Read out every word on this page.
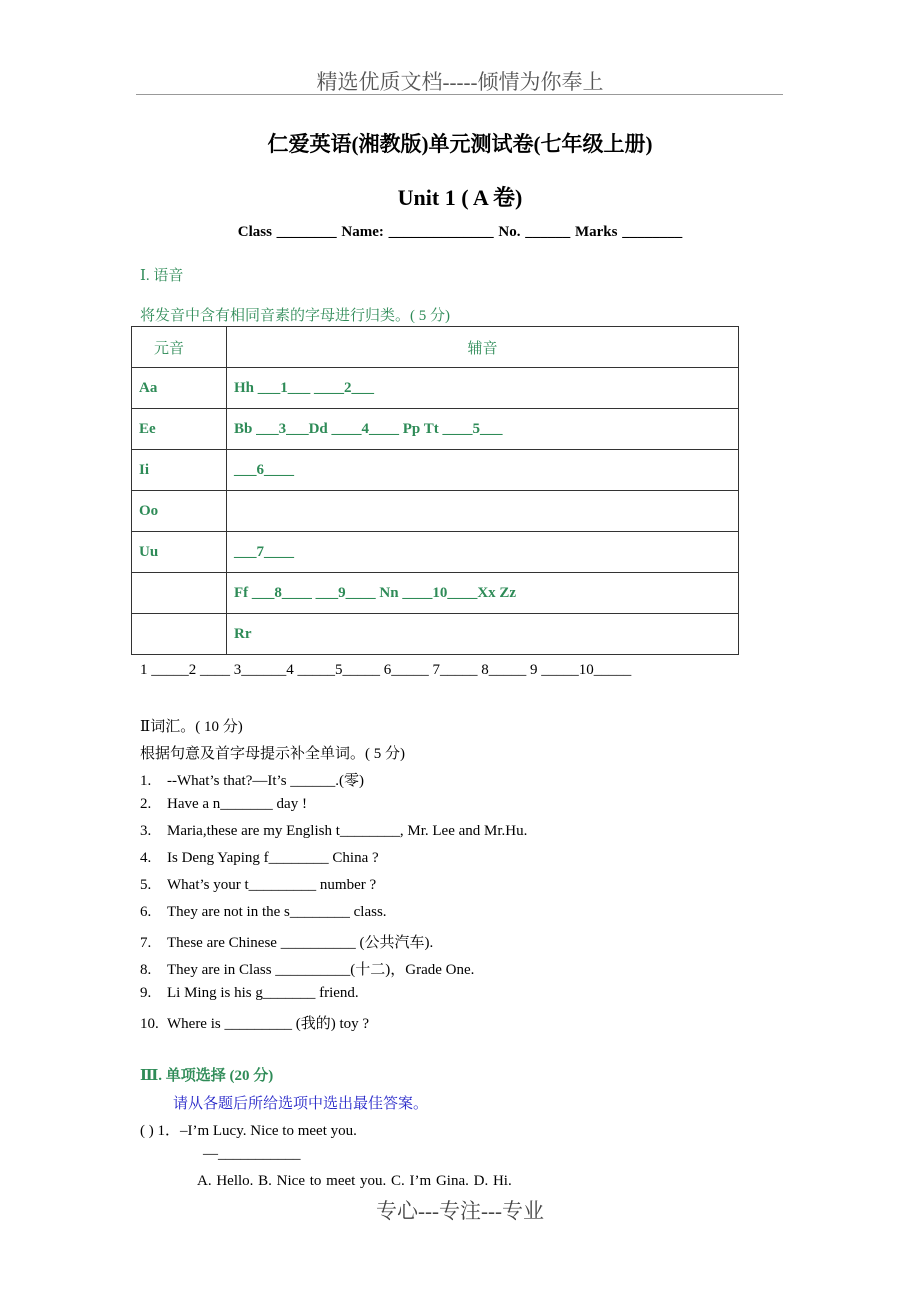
精选优质文档-----倾情为你奉上
仁爱英语(湘教版)单元测试卷(七年级上册)
Unit 1 ( A 卷)
Class ________ Name: ______________ No. ______ Marks ________
Ⅰ. 语音
将发音中含有相同音素的字母进行归类。( 5 分)
元音	辅音
Aa	Hh ___1___ ____2___
Ee	Bb ___3___Dd ____4____ Pp Tt ____5___
Ii	___6____
Oo	
Uu	___7____
	Ff ___8____ ___9____ Nn ____10____Xx Zz
	Rr
1 _____2 ____ 3______4 _____5_____ 6_____ 7_____ 8_____ 9 _____10_____
Ⅱ词汇。( 10 分)
根据句意及首字母提示补全单词。( 5 分)
1. --What’s that?—It’s ______.(零)
2. Have a n_______ day !
3. Maria,these are my English t________, Mr. Lee and Mr.Hu.
4. Is Deng Yaping f________ China ?
5. What’s your t_________ number ?
6. They are not in the s________ class.
7. These are Chinese __________ (公共汽车).
8. They are in Class __________(十二)，Grade One.
9. Li Ming is his g_______ friend.
10. Where is _________ (我的) toy ?
Ⅲ. 单项选择 (20 分)
请从各题后所给选项中选出最佳答案。
( ) 1．–I’m Lucy. Nice to meet you.
—___________
A. Hello. B. Nice to meet you. C. I’m Gina. D. Hi.
专心---专注---专业
